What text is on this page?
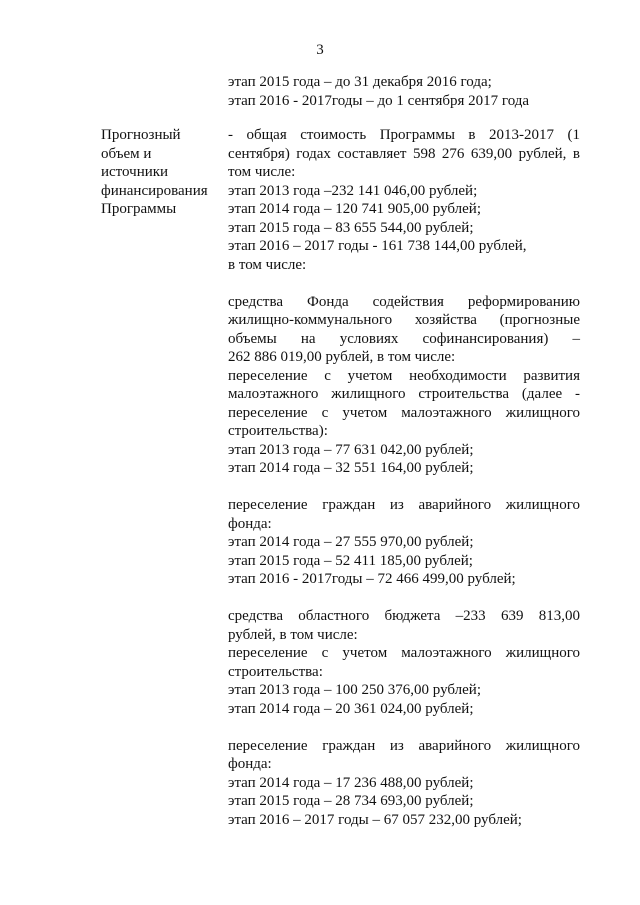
3
этап 2015 года – до 31 декабря 2016 года;
этап 2016 - 2017годы – до 1 сентября 2017 года
Прогнозный
объем и
источники
финансирования
Программы
- общая стоимость Программы в 2013-2017 (1
сентября) годах составляет 598 276 639,00 рублей, в
том числе:
этап 2013 года –232 141 046,00 рублей;
этап 2014 года – 120 741 905,00 рублей;
этап 2015 года – 83 655 544,00 рублей;
этап 2016 – 2017 годы - 161 738 144,00 рублей,
в том числе:
средства Фонда содействия реформированию
жилищно-коммунального хозяйства (прогнозные
объемы на условиях софинансирования) –
262 886 019,00 рублей, в том числе:
переселение с учетом необходимости развития
малоэтажного жилищного строительства (далее -
переселение с учетом малоэтажного жилищного
строительства):
этап 2013 года – 77 631 042,00 рублей;
этап 2014 года – 32 551 164,00 рублей;
переселение граждан из аварийного жилищного
фонда:
этап 2014 года – 27 555 970,00 рублей;
этап 2015 года – 52 411 185,00 рублей;
этап 2016 - 2017годы – 72 466 499,00 рублей;
средства областного бюджета –233 639 813,00
рублей, в том числе:
переселение с учетом малоэтажного жилищного
строительства:
этап 2013 года – 100 250 376,00 рублей;
этап 2014 года – 20 361 024,00 рублей;
переселение граждан из аварийного жилищного
фонда:
этап 2014 года – 17 236 488,00 рублей;
этап 2015 года – 28 734 693,00 рублей;
этап 2016 – 2017 годы – 67 057 232,00 рублей;
